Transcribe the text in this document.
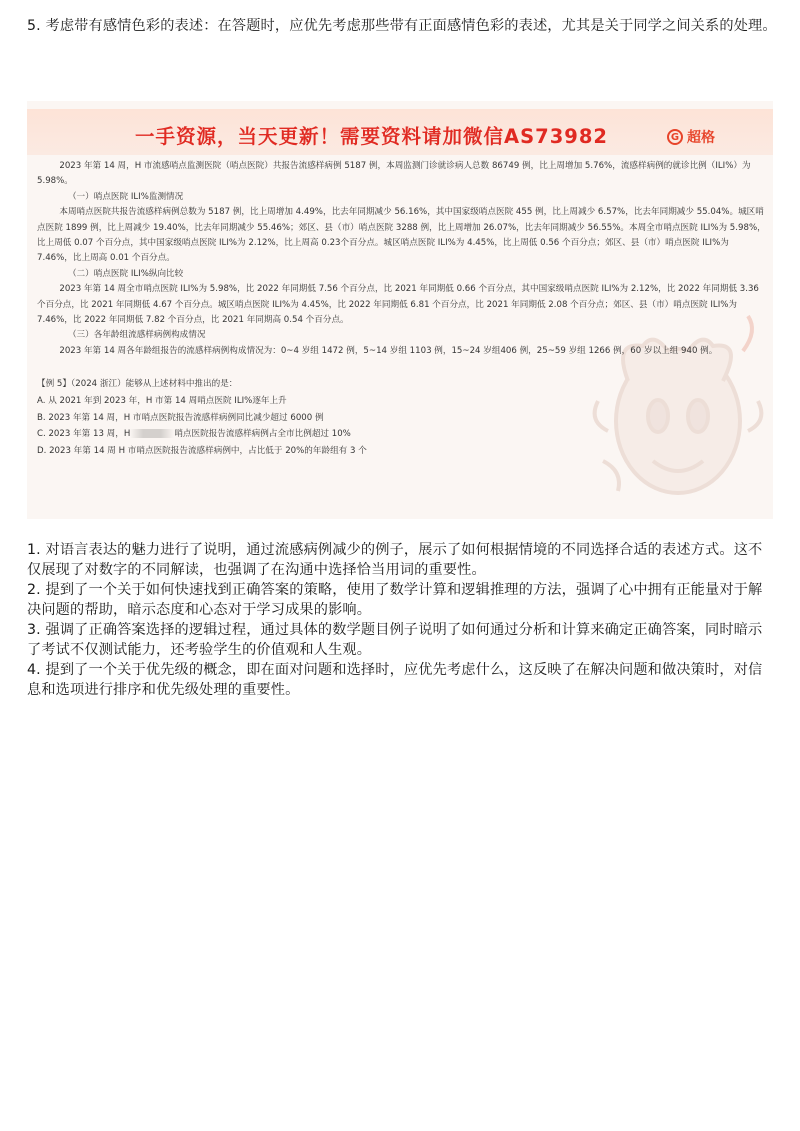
5. 考虑带有感情色彩的表述：在答题时，应优先考虑那些带有正面感情色彩的表述，尤其是关于同学之间关系的处理。
一手资源，当天更新！需要资料请加微信AS73982	G 超格

2023 年第 14 周，H 市流感哨点监测医院（哨点医院）共报告流感样病例 5187 例，本周监测门诊就诊病人总数 86749 例，比上周增加 5.76%，流感样病例的就诊比例（ILI%）为 5.98%。

（一）哨点医院 ILI%监测情况

本周哨点医院共报告流感样病例总数为 5187 例，比上周增加 4.49%，比去年同期减少 56.16%，其中国家级哨点医院 455 例，比上周减少 6.57%，比去年同期减少 55.04%。城区哨点医院 1899 例，比上周减少 19.40%，比去年同期减少 55.46%；郊区、县（市）哨点医院 3288 例，比上周增加 26.07%，比去年同期减少 56.55%。本周全市哨点医院 ILI%为 5.98%，比上周低 0.07 个百分点，其中国家级哨点医院 ILI%为 2.12%，比上周高 0.23个百分点。城区哨点医院 ILI%为 4.45%，比上周低 0.56 个百分点；郊区、县（市）哨点医院 ILI%为 7.46%，比上周高 0.01 个百分点。

（二）哨点医院 ILI%纵向比较

2023 年第 14 周全市哨点医院 ILI%为 5.98%，比 2022 年同期低 7.56 个百分点，比 2021 年同期低 0.66 个百分点，其中国家级哨点医院 ILI%为 2.12%，比 2022 年同期低 3.36 个百分点，比 2021 年同期低 4.67 个百分点。城区哨点医院 ILI%为 4.45%，比 2022 年同期低 6.81 个百分点，比 2021 年同期低 2.08 个百分点；郊区、县（市）哨点医院 ILI%为 7.46%，比 2022 年同期低 7.82 个百分点，比 2021 年同期高 0.54 个百分点。

（三）各年龄组流感样病例构成情况

2023 年第 14 周各年龄组报告的流感样病例构成情况为：0~4 岁组 1472 例，5~14 岁组 1103 例，15~24 岁组406 例，25~59 岁组 1266 例，60 岁以上组 940 例。

【例 5】（2024 浙江）能够从上述材料中推出的是：
A. 从 2021 年到 2023 年，H 市第 14 周哨点医院 ILI%逐年上升
B. 2023 年第 14 周，H 市哨点医院报告流感样病例同比减少超过 6000 例
C. 2023 年第 13 周，H	哨点医院报告流感样病例占全市比例超过 10%
D. 2023 年第 14 周 H 市哨点医院报告流感样病例中，占比低于 20%的年龄组有 3 个

1. 对语言表达的魅力进行了说明，通过流感病例减少的例子，展示了如何根据情境的不同选择合适的表述方式。这不仅展现了对数字的不同解读，也强调了在沟通中选择恰当用词的重要性。

2. 提到了一个关于如何快速找到正确答案的策略，使用了数学计算和逻辑推理的方法，强调了心中拥有正能量对于解决问题的帮助，暗示态度和心态对于学习成果的影响。

3. 强调了正确答案选择的逻辑过程，通过具体的数学题目例子说明了如何通过分析和计算来确定正确答案，同时暗示了考试不仅测试能力，还考验学生的价值观和人生观。

4. 提到了一个关于优先级的概念，即在面对问题和选择时，应优先考虑什么，这反映了在解决问题和做决策时，对信息和选项进行排序和优先级处理的重要性。
